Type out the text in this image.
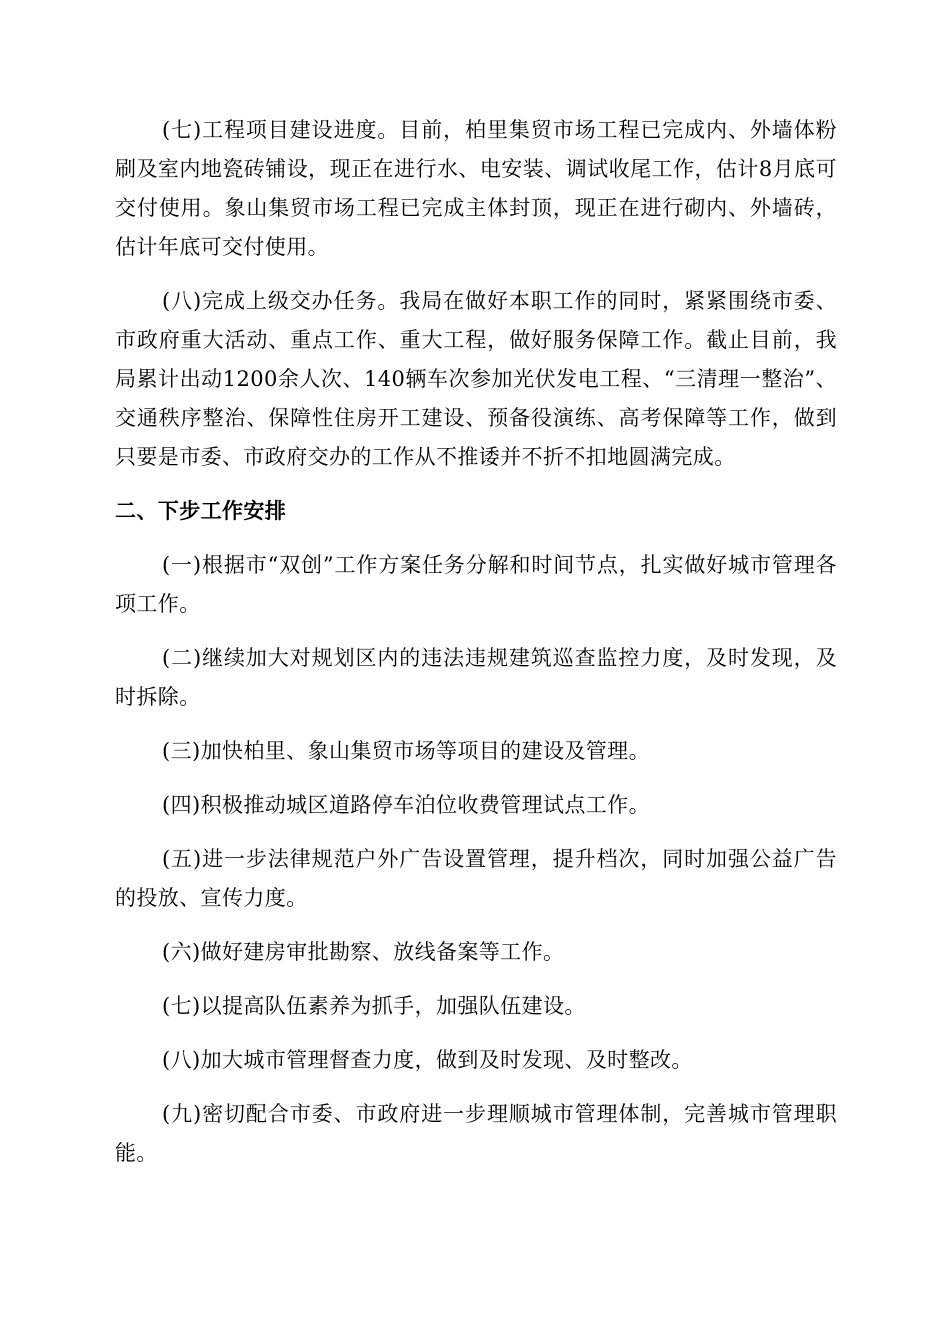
(七)工程项目建设进度。目前，柏里集贸市场工程已完成内、外墙体粉刷及室内地瓷砖铺设，现正在进行水、电安装、调试收尾工作，估计8月底可交付使用。象山集贸市场工程已完成主体封顶，现正在进行砌内、外墙砖，估计年底可交付使用。

(八)完成上级交办任务。我局在做好本职工作的同时，紧紧围绕市委、市政府重大活动、重点工作、重大工程，做好服务保障工作。截止目前，我局累计出动1200余人次、140辆车次参加光伏发电工程、“三清理一整治”、交通秩序整治、保障性住房开工建设、预备役演练、高考保障等工作，做到只要是市委、市政府交办的工作从不推诿并不折不扣地圆满完成。

二、下步工作安排

(一)根据市“双创”工作方案任务分解和时间节点，扎实做好城市管理各项工作。

(二)继续加大对规划区内的违法违规建筑巡查监控力度，及时发现，及时拆除。

(三)加快柏里、象山集贸市场等项目的建设及管理。

(四)积极推动城区道路停车泊位收费管理试点工作。

(五)进一步法律规范户外广告设置管理，提升档次，同时加强公益广告的投放、宣传力度。

(六)做好建房审批勘察、放线备案等工作。

(七)以提高队伍素养为抓手，加强队伍建设。

(八)加大城市管理督查力度，做到及时发现、及时整改。

(九)密切配合市委、市政府进一步理顺城市管理体制，完善城市管理职能。
